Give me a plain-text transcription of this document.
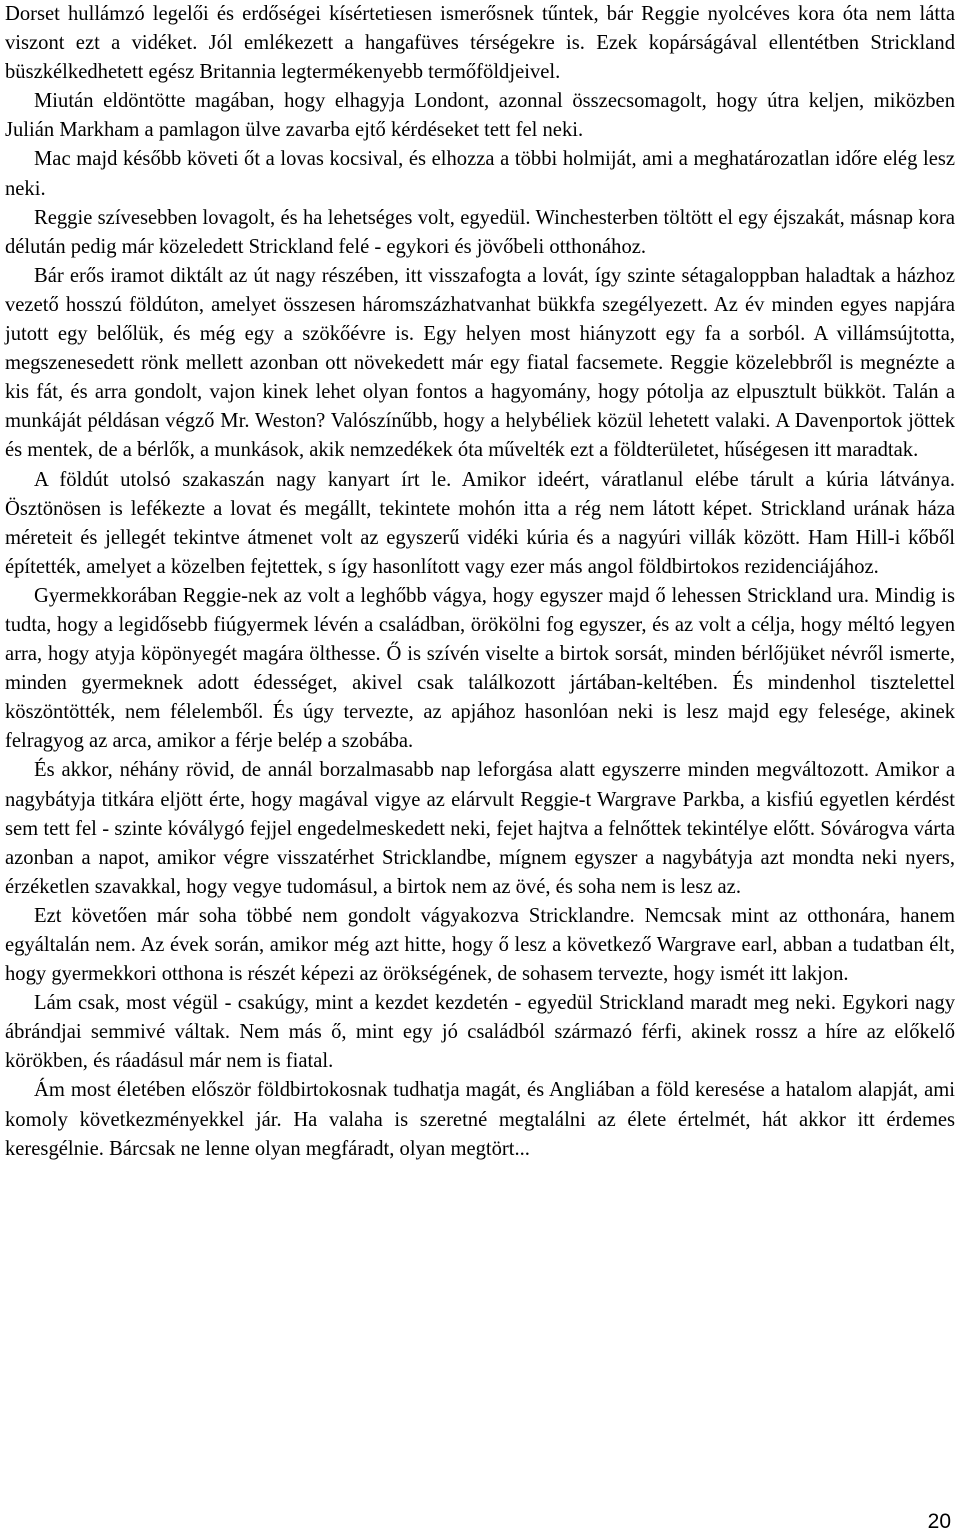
Dorset hullámzó legelői és erdőségei kísértetiesen ismerősnek tűntek, bár Reggie nyolcéves kora óta nem látta viszont ezt a vidéket. Jól emlékezett a hangafüves térségekre is. Ezek kopárságával ellentétben Strickland büszkélkedhetett egész Britannia legtermékenyebb termőföldjeivel.

Miután eldöntötte magában, hogy elhagyja Londont, azonnal összecsomagolt, hogy útra keljen, miközben Julián Markham a pamlagon ülve zavarba ejtő kérdéseket tett fel neki.

Mac majd később követi őt a lovas kocsival, és elhozza a többi holmiját, ami a meghatározatlan időre elég lesz neki.

Reggie szívesebben lovagolt, és ha lehetséges volt, egyedül. Winchesterben töltött el egy éjszakát, másnap kora délután pedig már közeledett Strickland felé - egykori és jövőbeli otthonához.

Bár erős iramot diktált az út nagy részében, itt visszafogta a lovát, így szinte sétagaloppban haladtak a házhoz vezető hosszú földúton, amelyet összesen háromszázhatvanhat bükkfa szegélyezett. Az év minden egyes napjára jutott egy belőlük, és még egy a szökőévre is. Egy helyen most hiányzott egy fa a sorból. A villámsújtotta, megszenesedett rönk mellett azonban ott növekedett már egy fiatal facsemete. Reggie közelebbről is megnézte a kis fát, és arra gondolt, vajon kinek lehet olyan fontos a hagyomány, hogy pótolja az elpusztult bükköt. Talán a munkáját példásan végző Mr. Weston? Valószínűbb, hogy a helybéliek közül lehetett valaki. A Davenportok jöttek és mentek, de a bérlők, a munkások, akik nemzedékek óta művelték ezt a földterületet, hűségesen itt maradtak.

A földút utolsó szakaszán nagy kanyart írt le. Amikor ideért, váratlanul elébe tárult a kúria látványa. Ösztönösen is lefékezte a lovat és megállt, tekintete mohón itta a rég nem látott képet. Strickland urának háza méreteit és jellegét tekintve átmenet volt az egyszerű vidéki kúria és a nagyúri villák között. Ham Hill-i kőből építették, amelyet a közelben fejtettek, s így hasonlított vagy ezer más angol földbirtokos rezidenciájához.

Gyermekkorában Reggie-nek az volt a leghőbb vágya, hogy egyszer majd ő lehessen Strickland ura. Mindig is tudta, hogy a legidősebb fiúgyermek lévén a családban, örökölni fog egyszer, és az volt a célja, hogy méltó legyen arra, hogy atyja köpönyegét magára ölthesse. Ő is szívén viselte a birtok sorsát, minden bérlőjüket névről ismerte, minden gyermeknek adott édességet, akivel csak találkozott jártában-keltében. És mindenhol tisztelettel köszöntötték, nem félelemből. És úgy tervezte, az apjához hasonlóan neki is lesz majd egy felesége, akinek felragyog az arca, amikor a férje belép a szobába.

És akkor, néhány rövid, de annál borzalmasabb nap leforgása alatt egyszerre minden megváltozott. Amikor a nagybátyja titkára eljött érte, hogy magával vigye az elárvult Reggie-t Wargrave Parkba, a kisfiú egyetlen kérdést sem tett fel - szinte kóválygó fejjel engedelmeskedett neki, fejet hajtva a felnőttek tekintélye előtt. Sóvárogva várta azonban a napot, amikor végre visszatérhet Stricklandbe, mígnem egyszer a nagybátyja azt mondta neki nyers, érzéketlen szavakkal, hogy vegye tudomásul, a birtok nem az övé, és soha nem is lesz az.

Ezt követően már soha többé nem gondolt vágyakozva Stricklandre. Nemcsak mint az otthonára, hanem egyáltalán nem. Az évek során, amikor még azt hitte, hogy ő lesz a következő Wargrave earl, abban a tudatban élt, hogy gyermekkori otthona is részét képezi az örökségének, de sohasem tervezte, hogy ismét itt lakjon.

Lám csak, most végül - csakúgy, mint a kezdet kezdetén - egyedül Strickland maradt meg neki. Egykori nagy ábrándjai semmivé váltak. Nem más ő, mint egy jó családból származó férfi, akinek rossz a híre az előkelő körökben, és ráadásul már nem is fiatal.

Ám most életében először földbirtokosnak tudhatja magát, és Angliában a föld keresése a hatalom alapját, ami komoly következményekkel jár. Ha valaha is szeretné megtalálni az élete értelmét, hát akkor itt érdemes keresgélnie. Bárcsak ne lenne olyan megfáradt, olyan megtört...

20
